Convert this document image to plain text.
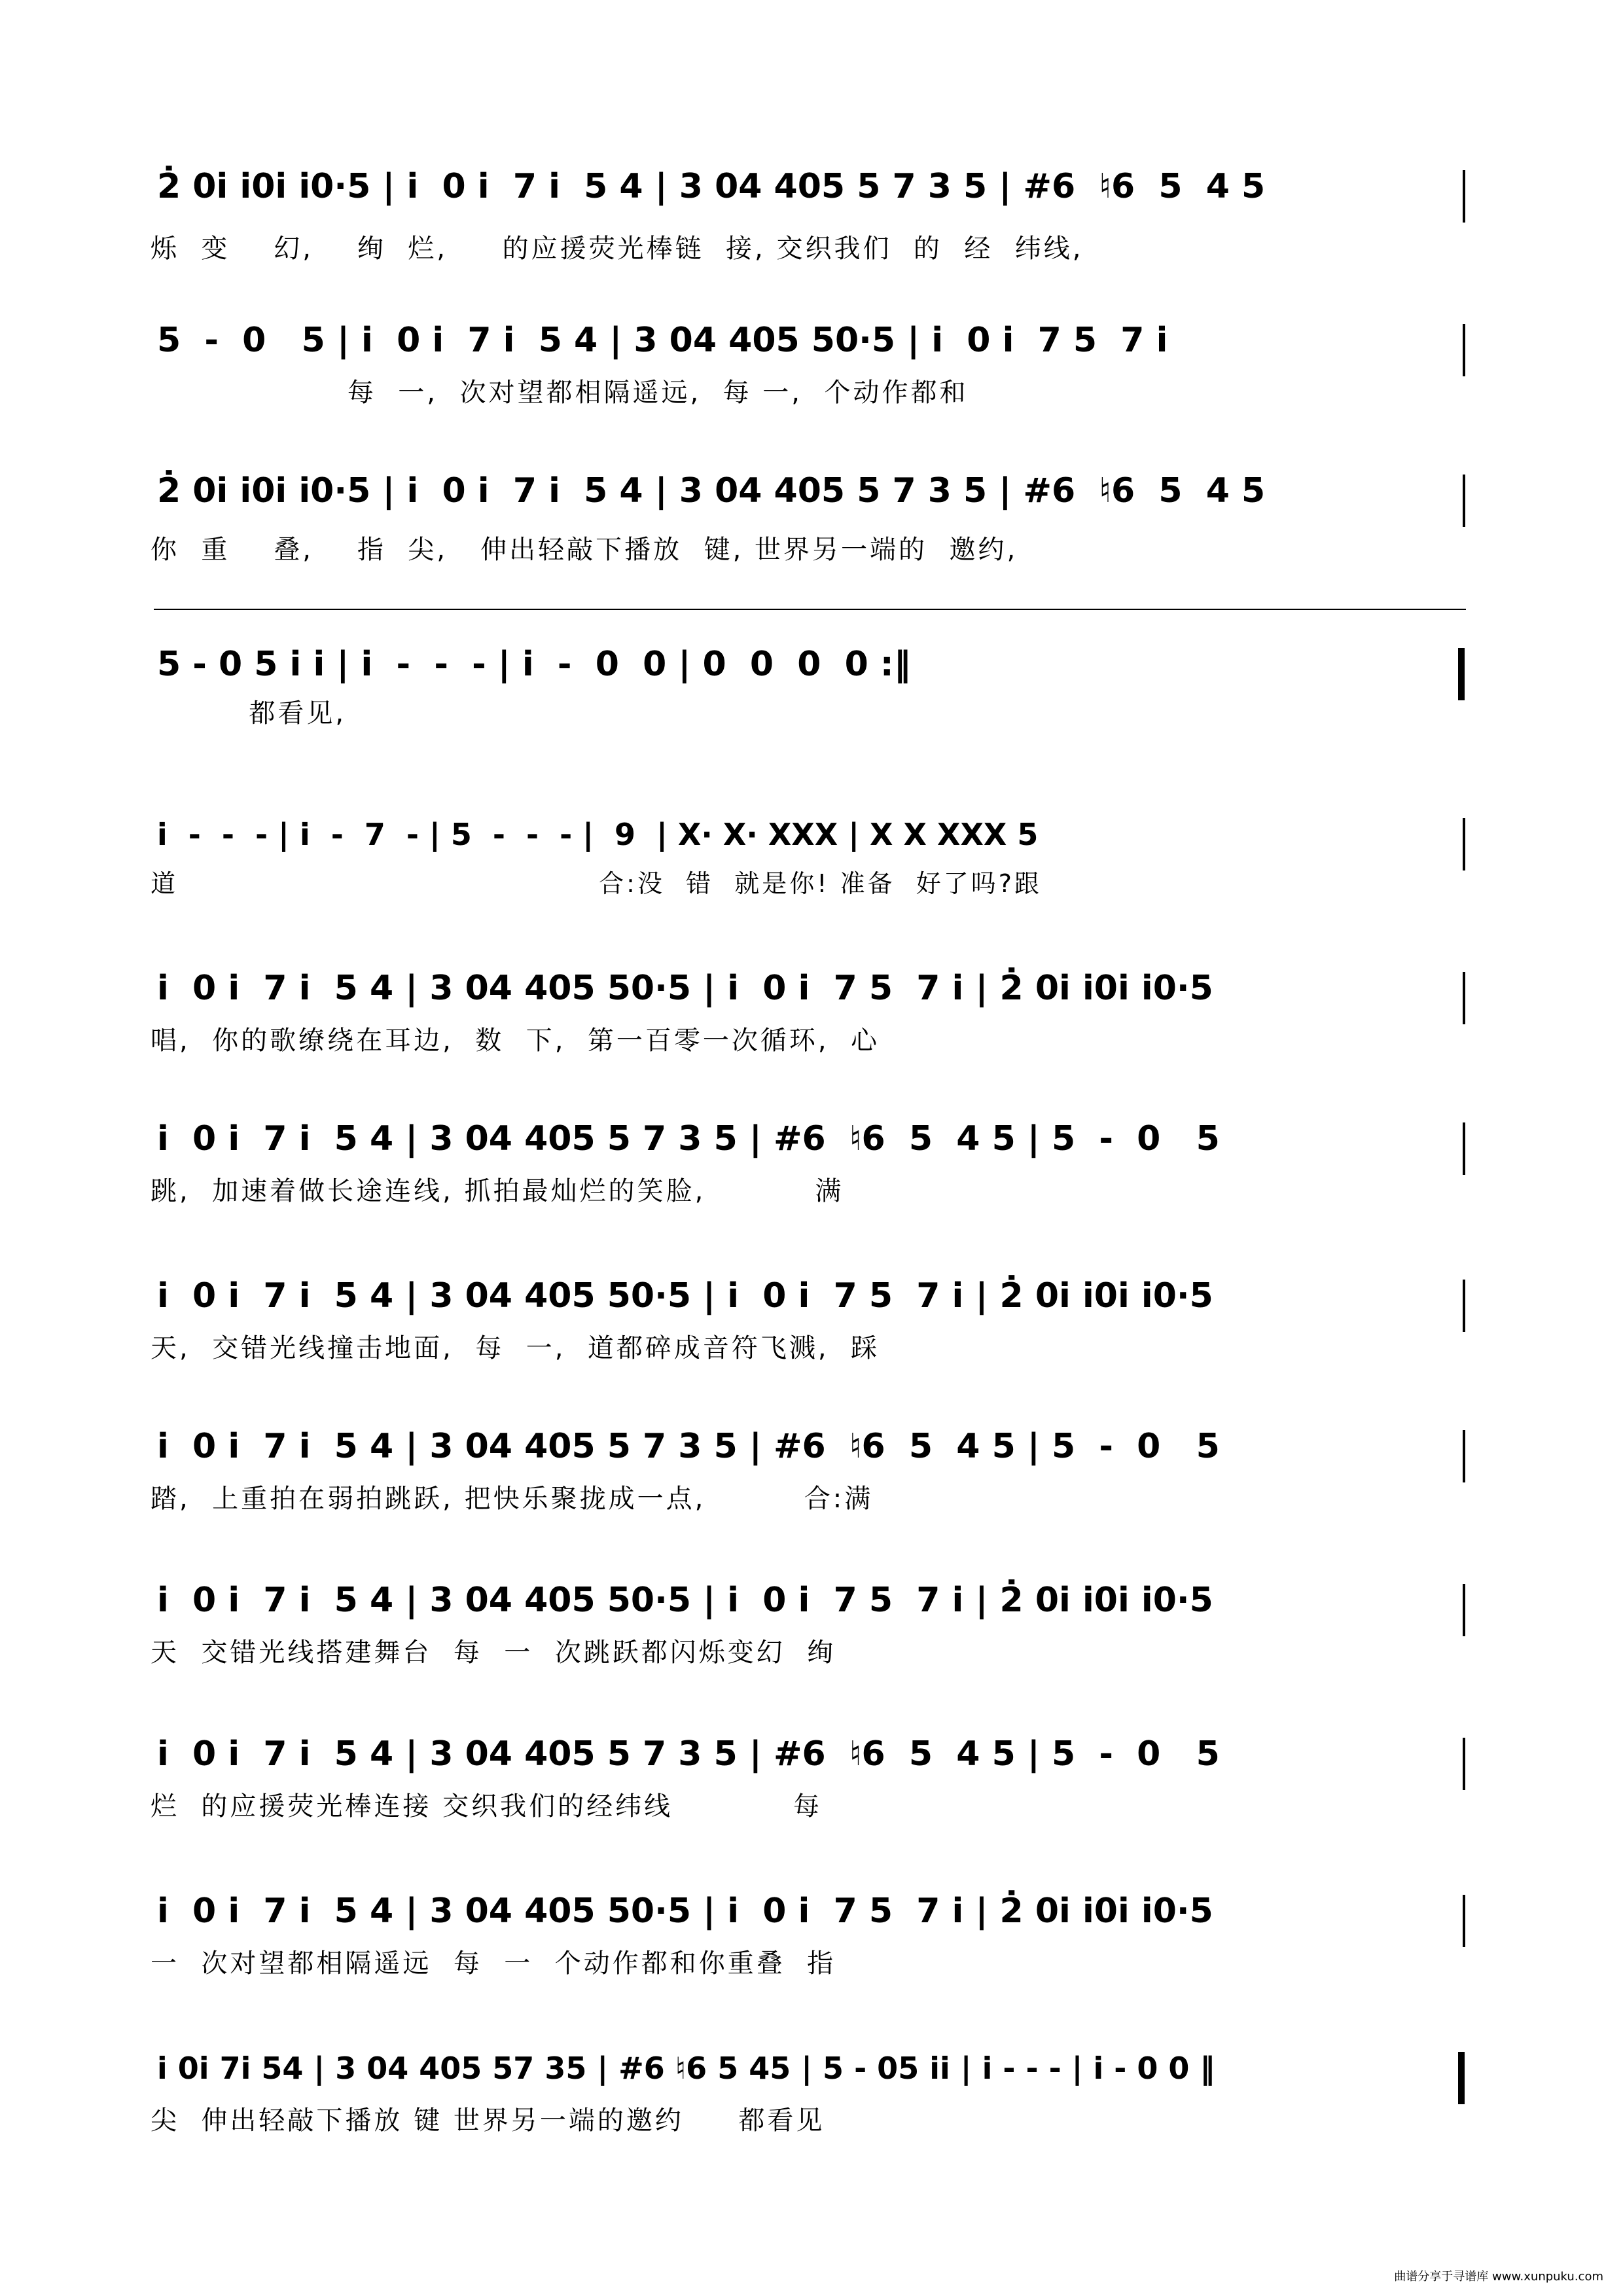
2̇ 0i̇ i̇0i̇ i̇0·5 | i̇  0 i̇  7 i̇  5 4 | 3 04 405 5 7 3 5 | #6  ♮6  5  4 5
烁  变    幻,    绚  烂,     的应援荧光棒链  接, 交织我们  的  经  纬线,
5  -  0   5 | i̇  0 i̇  7 i̇  5 4 | 3 04 405 50·5 | i̇  0 i̇  7 5  7 i̇
每  一,  次对望都相隔遥远,  每 一,  个动作都和
2̇ 0i̇ i̇0i̇ i̇0·5 | i̇  0 i̇  7 i̇  5 4 | 3 04 405 5 7 3 5 | #6  ♮6  5  4 5
你  重    叠,    指  尖,   伸出轻敲下播放  键, 世界另一端的  邀约,
5 - 0 5 i̇ i̇ | i̇  -  -  - | i̇  -  0  0 | 0  0  0  0 :‖
都看见,
i̇  -  -  - | i̇  -  7  - | 5  -  -  - |  9  | X· X· XXX | X X XXX 5
道                                        合:没  错  就是你! 准备  好了吗?跟
i̇  0 i̇  7 i̇  5 4 | 3 04 405 50·5 | i̇  0 i̇  7 5  7 i̇ | 2̇ 0i̇ i̇0i̇ i̇0·5
唱,  你的歌缭绕在耳边,  数  下,  第一百零一次循环,  心
i̇  0 i̇  7 i̇  5 4 | 3 04 405 5 7 3 5 | #6  ♮6  5  4 5 | 5  -  0   5
跳,  加速着做长途连线, 抓拍最灿烂的笑脸,          满
i̇  0 i̇  7 i̇  5 4 | 3 04 405 50·5 | i̇  0 i̇  7 5  7 i̇ | 2̇ 0i̇ i̇0i̇ i̇0·5
天,  交错光线撞击地面,  每  一,  道都碎成音符飞溅,  踩
i̇  0 i̇  7 i̇  5 4 | 3 04 405 5 7 3 5 | #6  ♮6  5  4 5 | 5  -  0   5
踏,  上重拍在弱拍跳跃, 把快乐聚拢成一点,         合:满
i̇  0 i̇  7 i̇  5 4 | 3 04 405 50·5 | i̇  0 i̇  7 5  7 i̇ | 2̇ 0i̇ i̇0i̇ i̇0·5
天  交错光线搭建舞台  每  一  次跳跃都闪烁变幻  绚
i̇  0 i̇  7 i̇  5 4 | 3 04 405 5 7 3 5 | #6  ♮6  5  4 5 | 5  -  0   5
烂  的应援荧光棒连接 交织我们的经纬线           每
i̇  0 i̇  7 i̇  5 4 | 3 04 405 50·5 | i̇  0 i̇  7 5  7 i̇ | 2̇ 0i̇ i̇0i̇ i̇0·5
一  次对望都相隔遥远  每  一  个动作都和你重叠  指
i̇ 0i̇ 7i̇ 54 | 3 04 405 57 35 | #6 ♮6 5 45 | 5 - 05 i̇i̇ | i̇ - - - | i̇ - 0 0 ‖
尖  伸出轻敲下播放 键 世界另一端的邀约     都看见
曲谱分享于寻谱库 www.xunpuku.com
